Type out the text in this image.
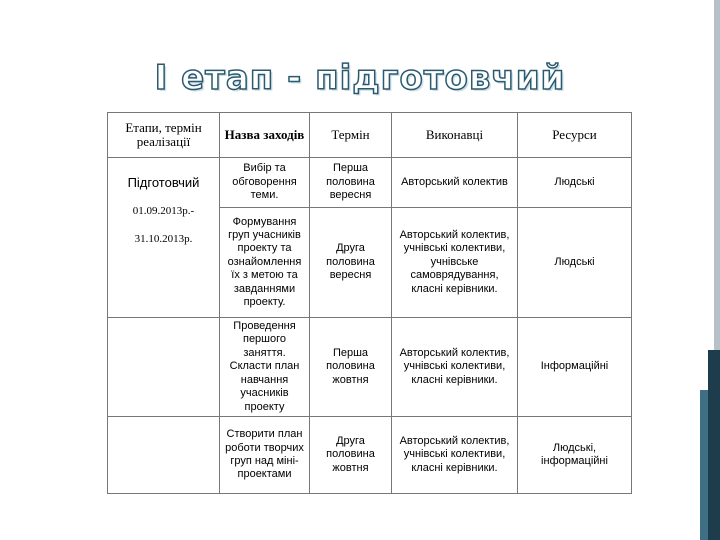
І етап - підготовчий
Етапи, термін реалізації	Назва заходів	Термін	Виконавці	Ресурси

Підготовчий
01.09.2013р.-
31.10.2013р.	Вибір та обговорення теми.	Перша половина вересня	Авторський колектив	Людські
	Формування груп учасників проекту та ознайомлення їх з метою та завданнями проекту.	Друга половина вересня	Авторський колектив, учнівські колективи, учнівське самоврядування, класні керівники.	Людські
	Проведення першого заняття. Скласти план навчання учасників проекту	Перша половина жовтня	Авторський колектив, учнівські колективи, класні керівники.	Інформаційні
	Створити план роботи творчих груп над міні-проектами	Друга половина жовтня	Авторський колектив, учнівські колективи, класні керівники.	Людські, інформаційні
